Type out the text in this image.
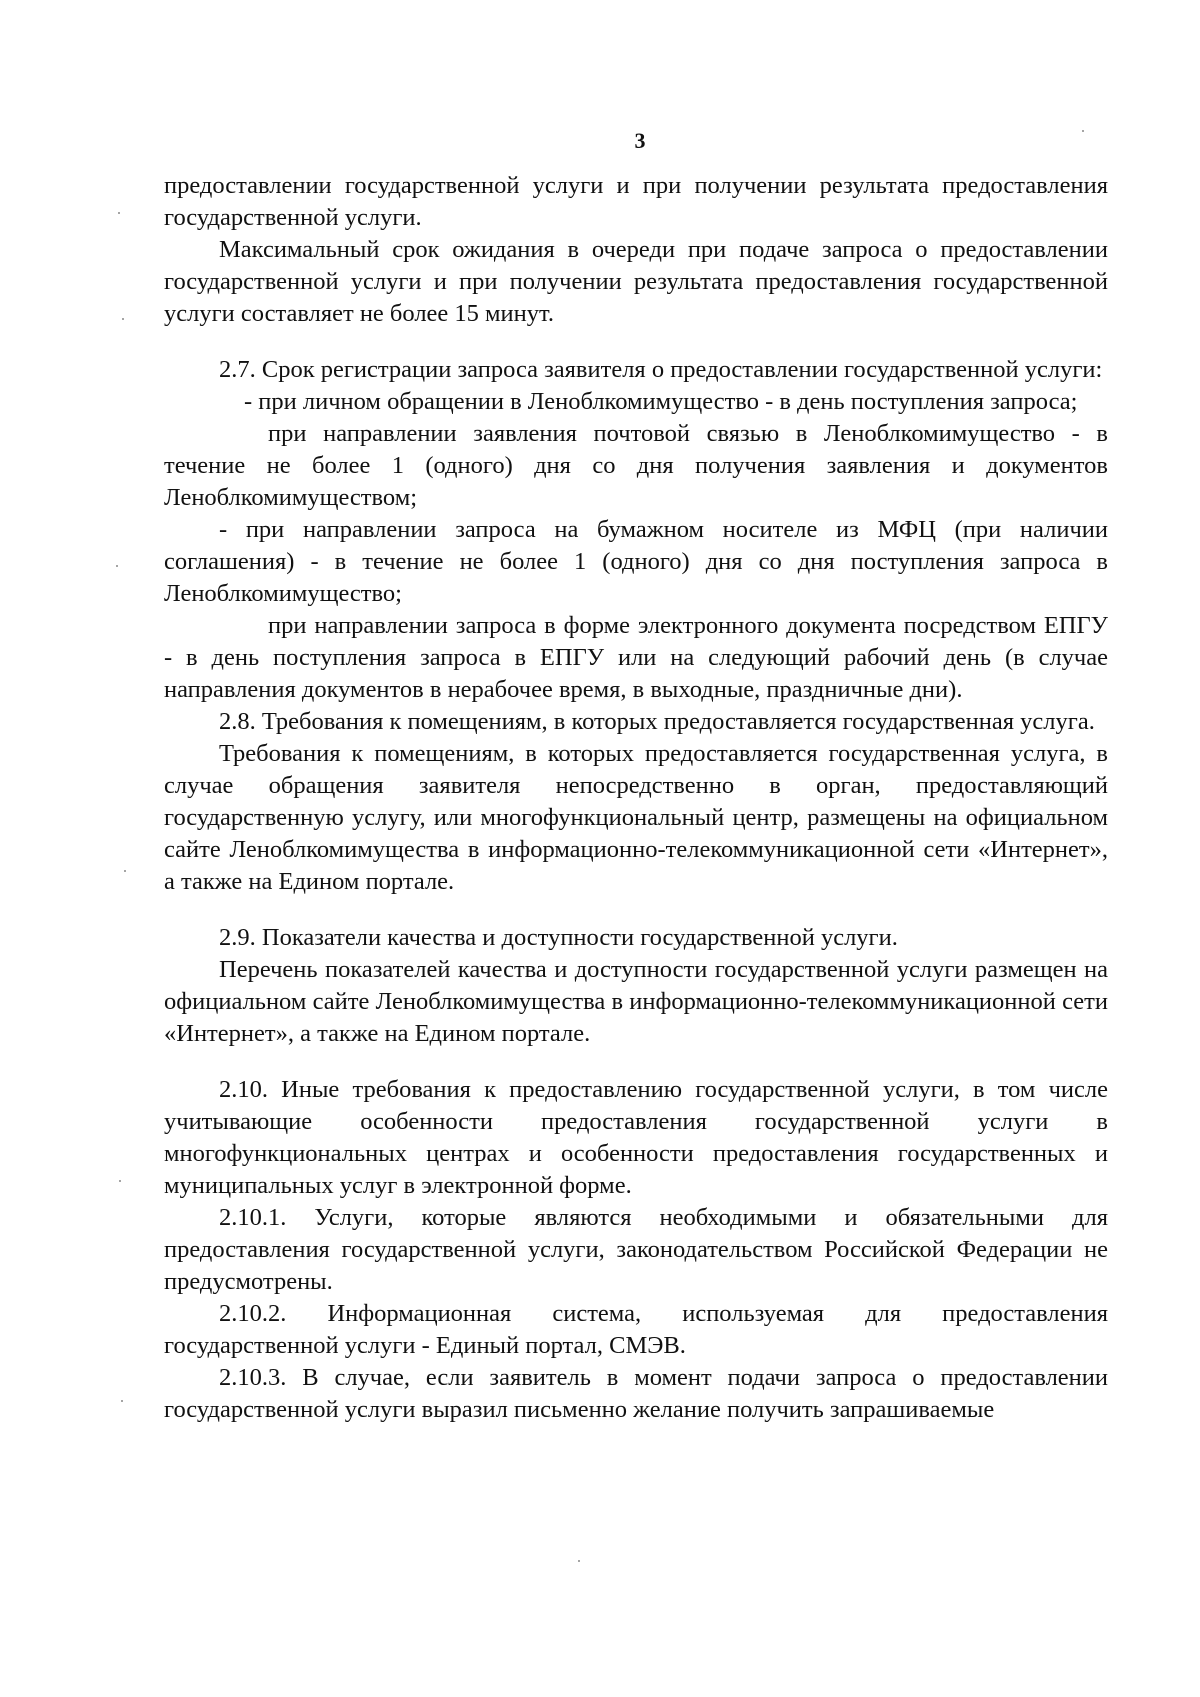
3

предоставлении государственной услуги и при получении результата предоставления государственной услуги.

Максимальный срок ожидания в очереди при подаче запроса о предоставлении государственной услуги и при получении результата предоставления государственной услуги составляет не более 15 минут.

2.7. Срок регистрации запроса заявителя о предоставлении государственной услуги:

- при личном обращении в Леноблкомимущество - в день поступления запроса;

при направлении заявления почтовой связью в Леноблкомимущество - в течение не более 1 (одного) дня со дня получения заявления и документов Леноблкомимуществом;

- при направлении запроса на бумажном носителе из МФЦ (при наличии соглашения) - в течение не более 1 (одного) дня со дня поступления запроса в Леноблкомимущество;

при направлении запроса в форме электронного документа посредством ЕПГУ - в день поступления запроса в ЕПГУ или на следующий рабочий день (в случае направления документов в нерабочее время, в выходные, праздничные дни).

2.8. Требования к помещениям, в которых предоставляется государственная услуга.

Требования к помещениям, в которых предоставляется государственная услуга, в случае обращения заявителя непосредственно в орган, предоставляющий государственную услугу, или многофункциональный центр, размещены на официальном сайте Леноблкомимущества в информационно-телекоммуникационной сети «Интернет», а также на Едином портале.

2.9. Показатели качества и доступности государственной услуги.

Перечень показателей качества и доступности государственной услуги размещен на официальном сайте Леноблкомимущества в информационно-телекоммуникационной сети «Интернет», а также на Едином портале.

2.10. Иные требования к предоставлению государственной услуги, в том числе учитывающие особенности предоставления государственной услуги в многофункциональных центрах и особенности предоставления государственных и муниципальных услуг в электронной форме.

2.10.1. Услуги, которые являются необходимыми и обязательными для предоставления государственной услуги, законодательством Российской Федерации не предусмотрены.

2.10.2. Информационная система, используемая для предоставления государственной услуги - Единый портал, СМЭВ.

2.10.3. В случае, если заявитель в момент подачи запроса о предоставлении государственной услуги выразил письменно желание получить запрашиваемые
